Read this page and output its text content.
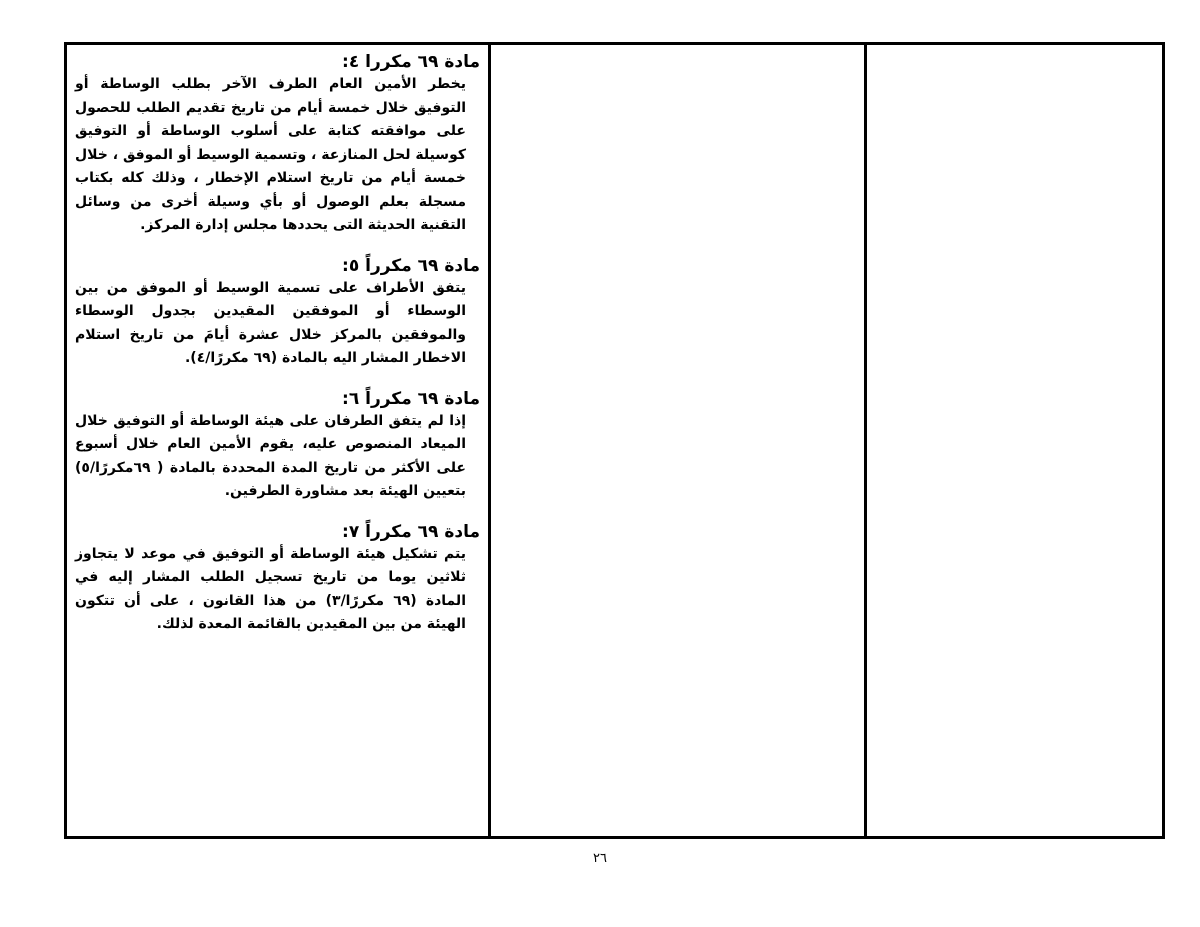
مادة ٦٩ مكررا ٤:

يخطر الأمين العام الطرف الآخر بطلب الوساطة أو التوفيق خلال خمسة أيام من تاريخ تقديم الطلب للحصول على موافقته كتابة على أسلوب الوساطة أو التوفيق كوسيلة لحل المنازعة ، وتسمية الوسيط أو الموفق ، خلال خمسة أيام من تاريخ استلام الإخطار ، وذلك كله بكتاب مسجلة بعلم الوصول أو بأي وسيلة أخرى من وسائل التقنية الحديثة التى يحددها مجلس إدارة المركز.

مادة ٦٩ مكرراً ٥:

يتفق الأطراف على تسمية الوسيط أو الموفق من بين الوسطاء أو الموفقين المقيدين بجدول الوسطاء والموفقين بالمركز خلال عشرة أيامَ من تاريخ استلام الاخطار المشار اليه بالمادة (٦٩ مكررًا/٤).

مادة ٦٩ مكرراً ٦:

إذا لم يتفق الطرفان على هيئة الوساطة أو التوفيق خلال الميعاد المنصوص عليه، يقوم الأمين العام خلال أسبوع على الأكثر من تاريخ المدة المحددة بالمادة ( ٦٩مكررًا/٥) بتعيين الهيئة بعد مشاورة الطرفين.

مادة ٦٩ مكرراً ٧:

يتم تشكيل هيئة الوساطة أو التوفيق في موعد لا يتجاوز ثلاثين يوما من تاريخ تسجيل الطلب المشار إليه في المادة (٦٩ مكررًا/٣) من هذا القانون ، على أن تتكون الهيئة من بين المقيدين بالقائمة المعدة لذلك.

٢٦
